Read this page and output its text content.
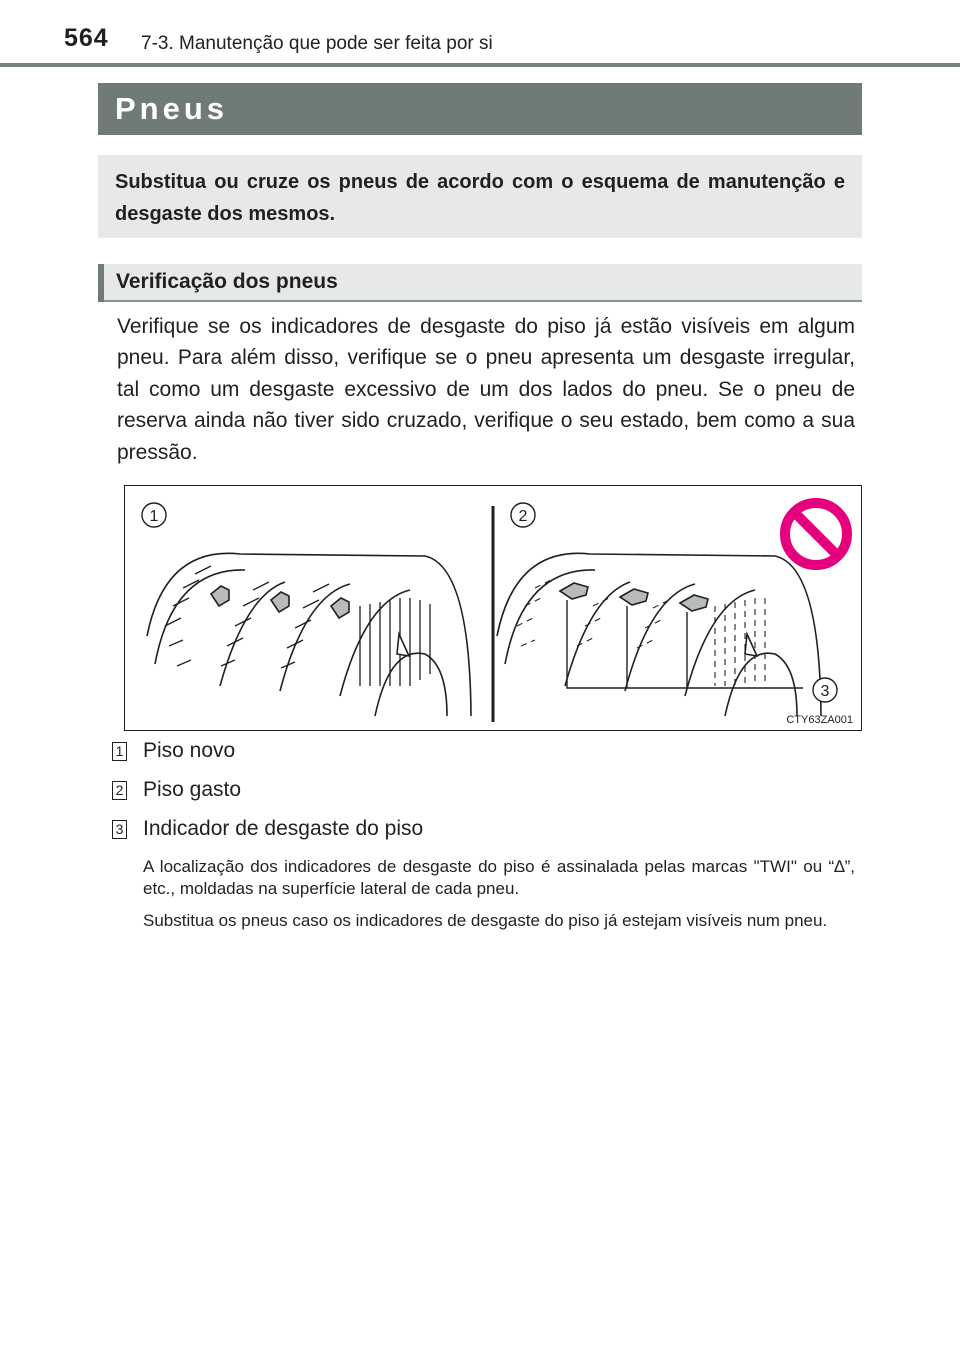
564 7-3. Manutenção que pode ser feita por si
Pneus
Substitua ou cruze os pneus de acordo com o esquema de manutenção e desgaste dos mesmos.
Verificação dos pneus
Verifique se os indicadores de desgaste do piso já estão visíveis em algum pneu. Para além disso, verifique se o pneu apresenta um desgaste irregular, tal como um desgaste excessivo de um dos lados do pneu. Se o pneu de reserva ainda não tiver sido cruzado, verifique o seu estado, bem como a sua pressão.
1	2
3
CTY63ZA001
1 Piso novo
2 Piso gasto
3 Indicador de desgaste do piso
A localização dos indicadores de desgaste do piso é assinalada pelas marcas "TWI" ou “∆”, etc., moldadas na superfície lateral de cada pneu.
Substitua os pneus caso os indicadores de desgaste do piso já estejam visíveis num pneu.
